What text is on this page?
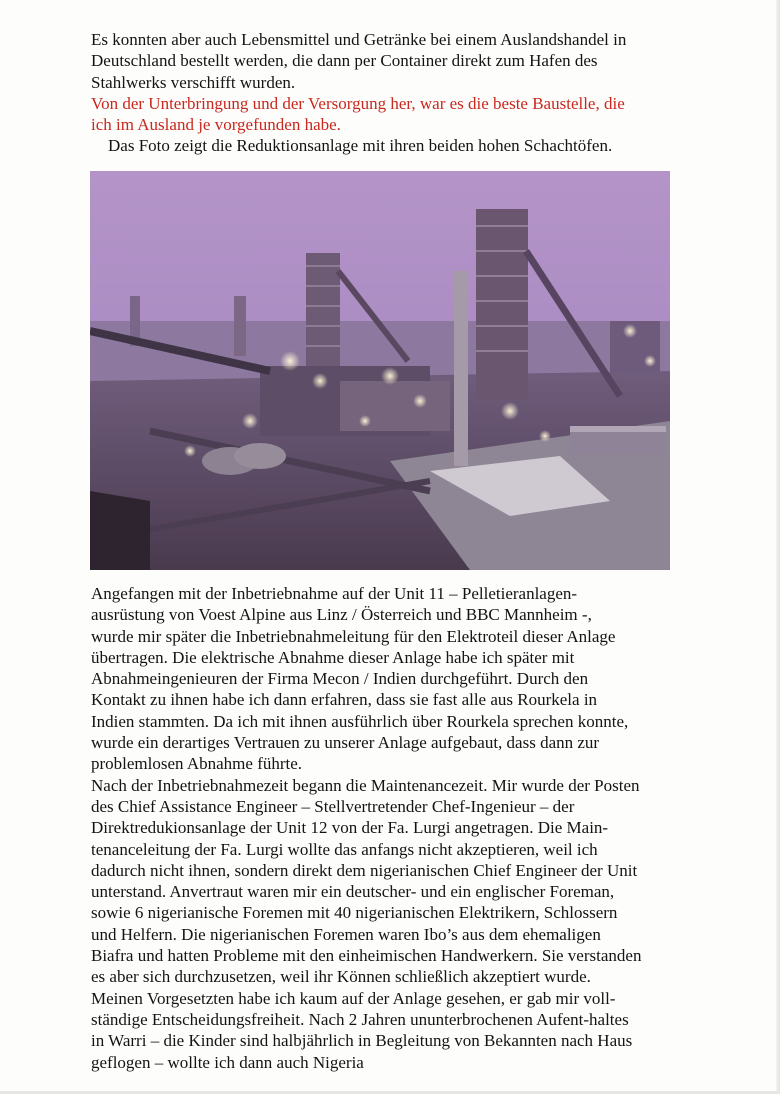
Es konnten aber auch Lebensmittel und Getränke bei einem Auslandshandel in
Deutschland bestellt werden, die dann per Container direkt zum Hafen des
Stahlwerks verschifft wurden.
Von der Unterbringung und der Versorgung her, war es die beste Baustelle, die
ich im Ausland je vorgefunden habe.
Das Foto zeigt die Reduktionsanlage mit ihren beiden hohen Schachtöfen.
Angefangen mit der Inbetriebnahme auf der Unit 11 – Pelletieranlagen-
ausrüstung von Voest Alpine aus Linz / Österreich und BBC Mannheim -,
wurde mir später die Inbetriebnahmeleitung für den Elektroteil dieser Anlage
übertragen. Die elektrische Abnahme dieser Anlage habe ich später mit
Abnahmeingenieuren der Firma Mecon / Indien durchgeführt. Durch den
Kontakt zu ihnen habe ich dann erfahren, dass sie fast alle aus Rourkela in
Indien stammten. Da ich mit ihnen ausführlich über Rourkela sprechen konnte,
wurde ein derartiges Vertrauen zu unserer Anlage aufgebaut, dass dann zur
problemlosen Abnahme führte.
Nach der Inbetriebnahmezeit begann die Maintenancezeit. Mir wurde der Posten
des Chief Assistance Engineer – Stellvertretender Chef-Ingenieur – der
Direktredukionsanlage der Unit 12 von der Fa. Lurgi angetragen. Die Main-
tenanceleitung der Fa. Lurgi wollte das anfangs nicht akzeptieren, weil ich
dadurch nicht ihnen, sondern direkt dem nigerianischen Chief Engineer der Unit
unterstand. Anvertraut waren mir ein deutscher- und ein englischer Foreman,
sowie 6 nigerianische Foremen mit 40 nigerianischen Elektrikern, Schlossern
und Helfern. Die nigerianischen Foremen waren Ibo’s aus dem ehemaligen
Biafra und hatten Probleme mit den einheimischen Handwerkern. Sie verstanden
es aber sich durchzusetzen, weil ihr Können schließlich akzeptiert wurde.
Meinen Vorgesetzten habe ich kaum auf der Anlage gesehen, er gab mir voll-
ständige Entscheidungsfreiheit. Nach 2 Jahren ununterbrochenen Aufent-haltes
in Warri – die Kinder sind halbjährlich in Begleitung von Bekannten nach Haus
geflogen – wollte ich dann auch Nigeria
